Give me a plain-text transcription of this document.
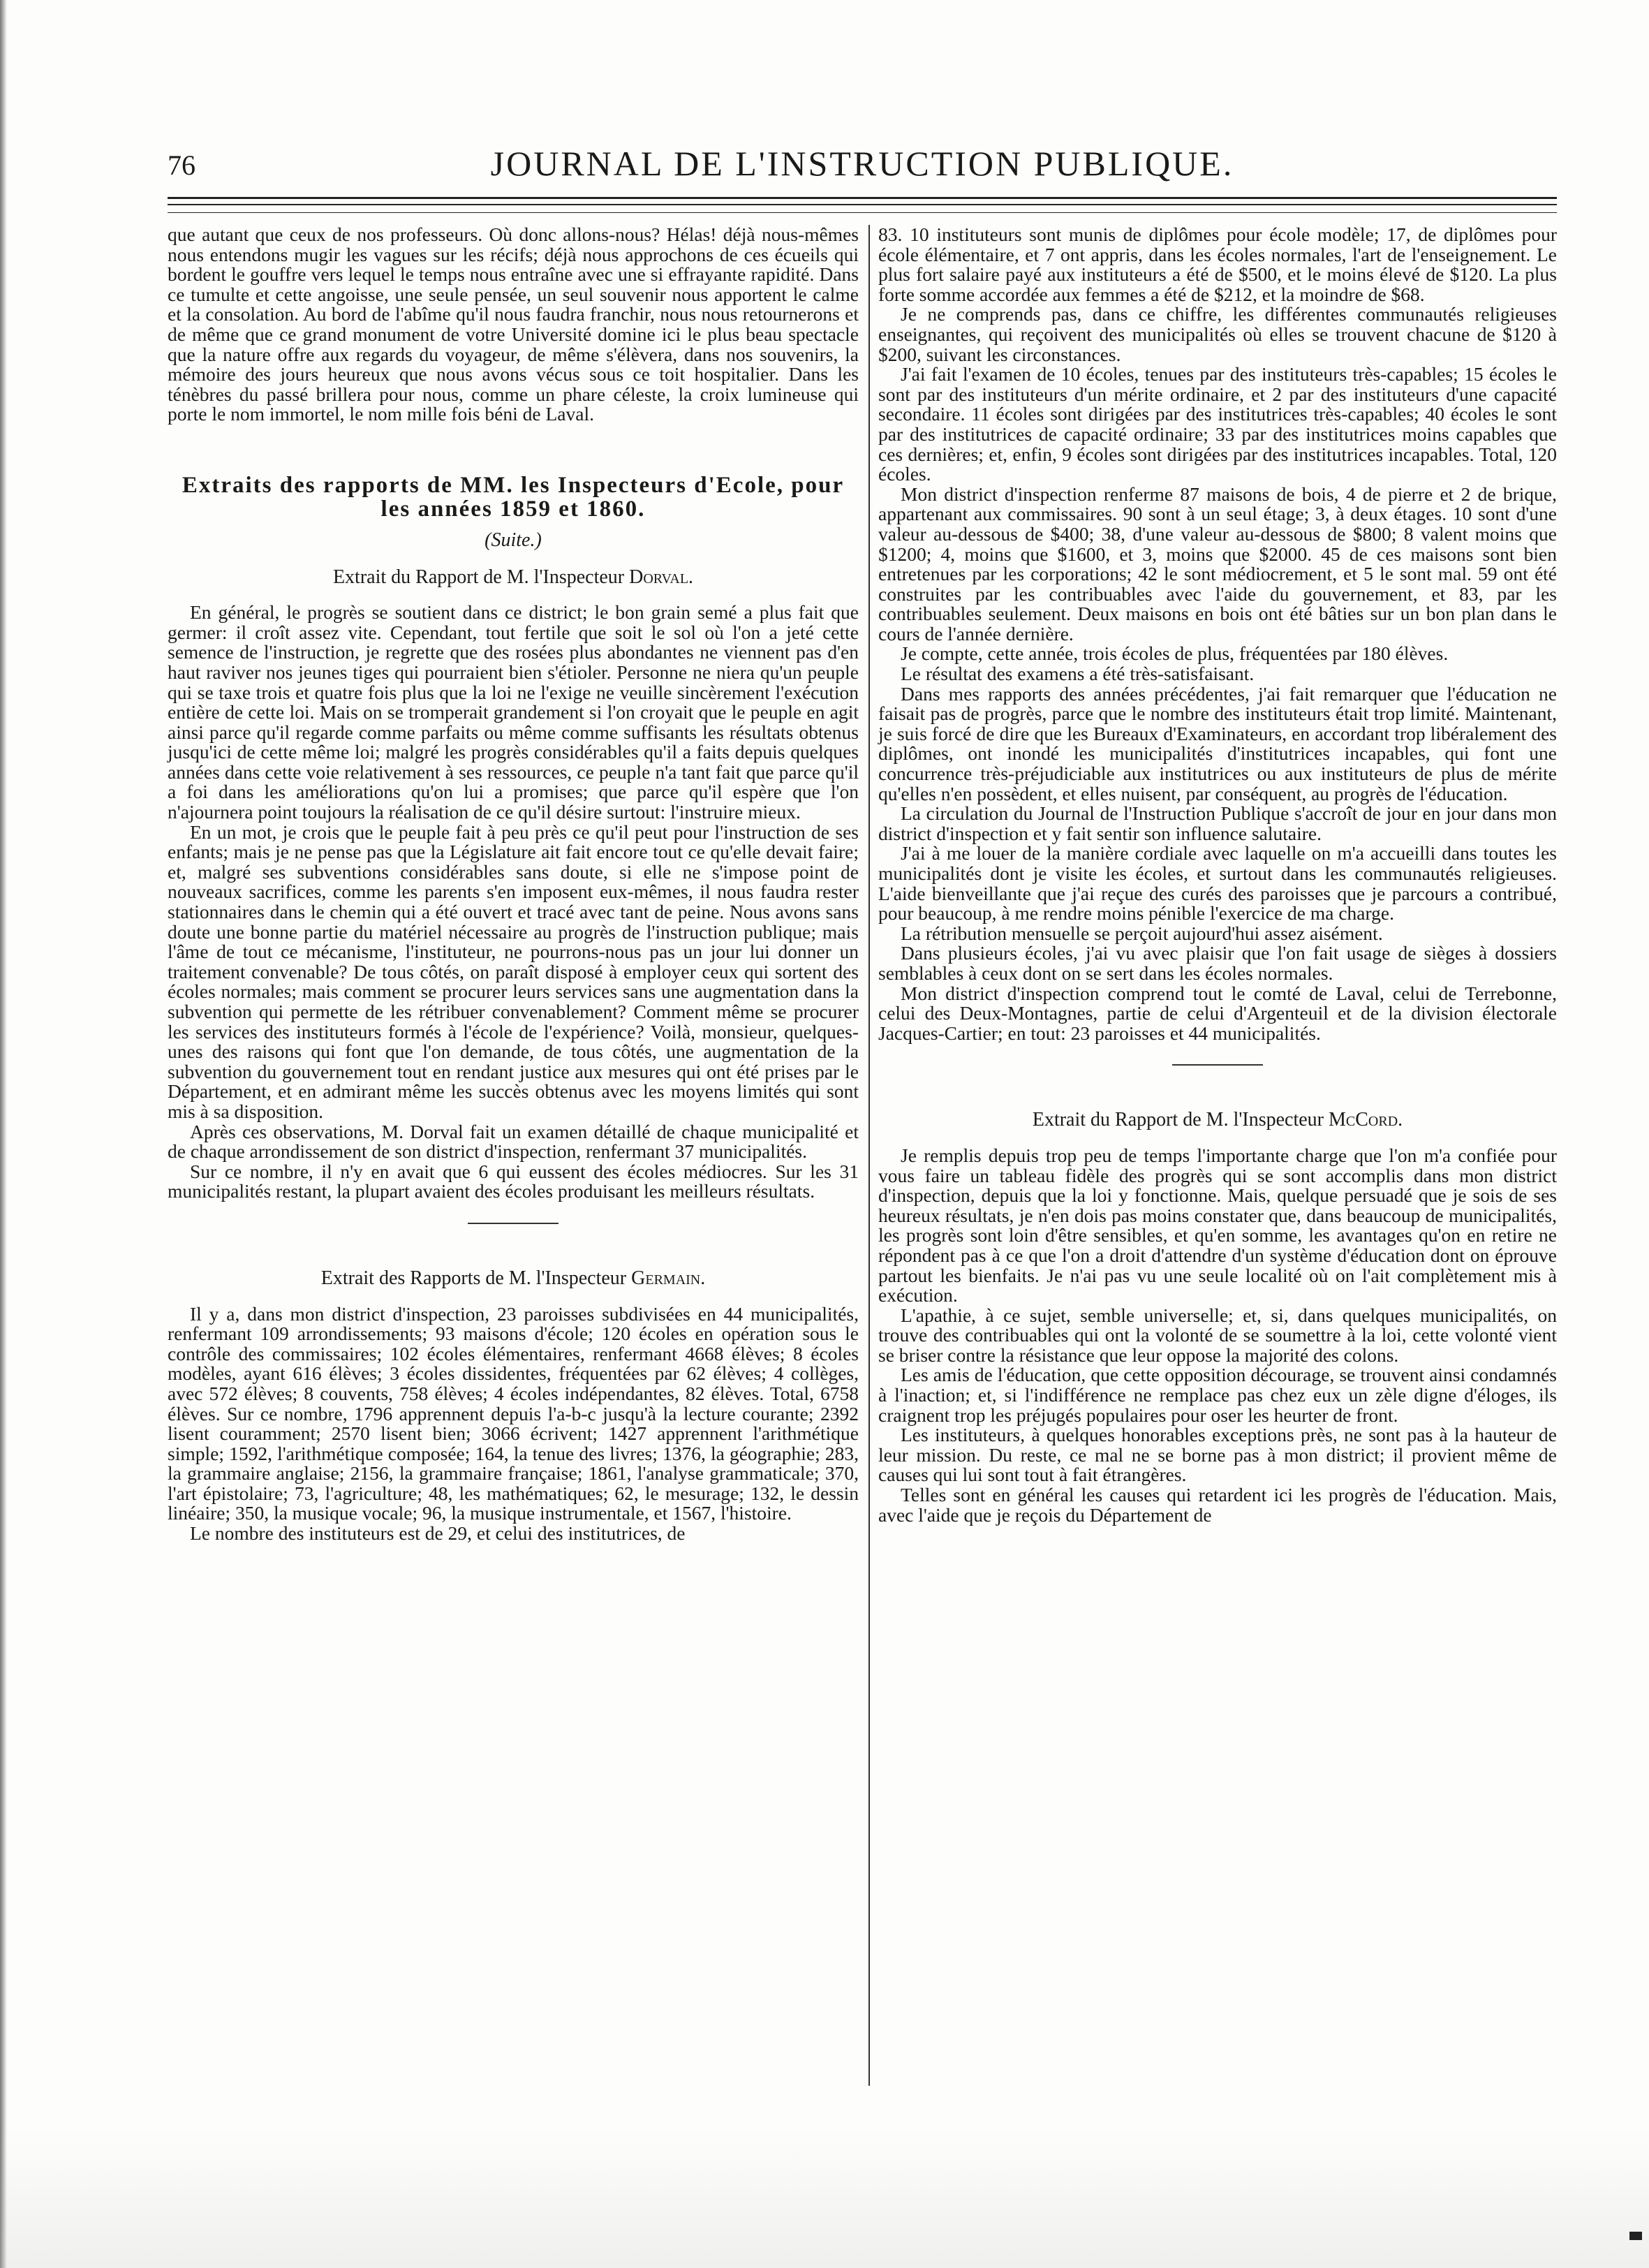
76	JOURNAL DE L'INSTRUCTION PUBLIQUE.

que autant que ceux de nos professeurs. Où donc allons-nous? Hélas! déjà nous-mêmes nous entendons mugir les vagues sur les récifs; déjà nous approchons de ces écueils qui bordent le gouffre vers lequel le temps nous entraîne avec une si effrayante rapidité. Dans ce tumulte et cette angoisse, une seule pensée, un seul souvenir nous apportent le calme et la consolation. Au bord de l'abîme qu'il nous faudra franchir, nous nous retournerons et de même que ce grand monument de votre Université domine ici le plus beau spectacle que la nature offre aux regards du voyageur, de même s'élèvera, dans nos souvenirs, la mémoire des jours heureux que nous avons vécus sous ce toit hospitalier. Dans les ténèbres du passé brillera pour nous, comme un phare céleste, la croix lumineuse qui porte le nom immortel, le nom mille fois béni de Laval.

Extraits des rapports de MM. les Inspecteurs d'Ecole, pour les années 1859 et 1860.
(Suite.)
Extrait du Rapport de M. l'Inspecteur Dorval.

En général, le progrès se soutient dans ce district; le bon grain semé a plus fait que germer: il croît assez vite. Cependant, tout fertile que soit le sol où l'on a jeté cette semence de l'instruction, je regrette que des rosées plus abondantes ne viennent pas d'en haut raviver nos jeunes tiges qui pourraient bien s'étioler. Personne ne niera qu'un peuple qui se taxe trois et quatre fois plus que la loi ne l'exige ne veuille sincèrement l'exécution entière de cette loi. Mais on se tromperait grandement si l'on croyait que le peuple en agit ainsi parce qu'il regarde comme parfaits ou même comme suffisants les résultats obtenus jusqu'ici de cette même loi; malgré les progrès considérables qu'il a faits depuis quelques années dans cette voie relativement à ses ressources, ce peuple n'a tant fait que parce qu'il a foi dans les améliorations qu'on lui a promises; que parce qu'il espère que l'on n'ajournera point toujours la réalisation de ce qu'il désire surtout: l'instruire mieux.

En un mot, je crois que le peuple fait à peu près ce qu'il peut pour l'instruction de ses enfants; mais je ne pense pas que la Législature ait fait encore tout ce qu'elle devait faire; et, malgré ses subventions considérables sans doute, si elle ne s'impose point de nouveaux sacrifices, comme les parents s'en imposent eux-mêmes, il nous faudra rester stationnaires dans le chemin qui a été ouvert et tracé avec tant de peine. Nous avons sans doute une bonne partie du matériel nécessaire au progrès de l'instruction publique; mais l'âme de tout ce mécanisme, l'instituteur, ne pourrons-nous pas un jour lui donner un traitement convenable? De tous côtés, on paraît disposé à employer ceux qui sortent des écoles normales; mais comment se procurer leurs services sans une augmentation dans la subvention qui permette de les rétribuer convenablement? Comment même se procurer les services des instituteurs formés à l'école de l'expérience? Voilà, monsieur, quelques-unes des raisons qui font que l'on demande, de tous côtés, une augmentation de la subvention du gouvernement tout en rendant justice aux mesures qui ont été prises par le Département, et en admirant même les succès obtenus avec les moyens limités qui sont mis à sa disposition.

Après ces observations, M. Dorval fait un examen détaillé de chaque municipalité et de chaque arrondissement de son district d'inspection, renfermant 37 municipalités.

Sur ce nombre, il n'y en avait que 6 qui eussent des écoles médiocres. Sur les 31 municipalités restant, la plupart avaient des écoles produisant les meilleurs résultats.

Extrait des Rapports de M. l'Inspecteur Germain.

Il y a, dans mon district d'inspection, 23 paroisses subdivisées en 44 municipalités, renfermant 109 arrondissements; 93 maisons d'école; 120 écoles en opération sous le contrôle des commissaires; 102 écoles élémentaires, renfermant 4668 élèves; 8 écoles modèles, ayant 616 élèves; 3 écoles dissidentes, fréquentées par 62 élèves; 4 collèges, avec 572 élèves; 8 couvents, 758 élèves; 4 écoles indépendantes, 82 élèves. Total, 6758 élèves. Sur ce nombre, 1796 apprennent depuis l'a-b-c jusqu'à la lecture courante; 2392 lisent couramment; 2570 lisent bien; 3066 écrivent; 1427 apprennent l'arithmétique simple; 1592, l'arithmétique composée; 164, la tenue des livres; 1376, la géographie; 283, la grammaire anglaise; 2156, la grammaire française; 1861, l'analyse grammaticale; 370, l'art épistolaire; 73, l'agriculture; 48, les mathématiques; 62, le mesurage; 132, le dessin linéaire; 350, la musique vocale; 96, la musique instrumentale, et 1567, l'histoire.

Le nombre des instituteurs est de 29, et celui des institutrices, de

83. 10 instituteurs sont munis de diplômes pour école modèle; 17, de diplômes pour école élémentaire, et 7 ont appris, dans les écoles normales, l'art de l'enseignement. Le plus fort salaire payé aux instituteurs a été de $500, et le moins élevé de $120. La plus forte somme accordée aux femmes a été de $212, et la moindre de $68.

Je ne comprends pas, dans ce chiffre, les différentes communautés religieuses enseignantes, qui reçoivent des municipalités où elles se trouvent chacune de $120 à $200, suivant les circonstances.

J'ai fait l'examen de 10 écoles, tenues par des instituteurs très-capables; 15 écoles le sont par des instituteurs d'un mérite ordinaire, et 2 par des instituteurs d'une capacité secondaire. 11 écoles sont dirigées par des institutrices très-capables; 40 écoles le sont par des institutrices de capacité ordinaire; 33 par des institutrices moins capables que ces dernières; et, enfin, 9 écoles sont dirigées par des institutrices incapables. Total, 120 écoles.

Mon district d'inspection renferme 87 maisons de bois, 4 de pierre et 2 de brique, appartenant aux commissaires. 90 sont à un seul étage; 3, à deux étages. 10 sont d'une valeur au-dessous de $400; 38, d'une valeur au-dessous de $800; 8 valent moins que $1200; 4, moins que $1600, et 3, moins que $2000. 45 de ces maisons sont bien entretenues par les corporations; 42 le sont médiocrement, et 5 le sont mal. 59 ont été construites par les contribuables avec l'aide du gouvernement, et 83, par les contribuables seulement. Deux maisons en bois ont été bâties sur un bon plan dans le cours de l'année dernière.

Je compte, cette année, trois écoles de plus, fréquentées par 180 élèves.

Le résultat des examens a été très-satisfaisant.

Dans mes rapports des années précédentes, j'ai fait remarquer que l'éducation ne faisait pas de progrès, parce que le nombre des instituteurs était trop limité. Maintenant, je suis forcé de dire que les Bureaux d'Examinateurs, en accordant trop libéralement des diplômes, ont inondé les municipalités d'institutrices incapables, qui font une concurrence très-préjudiciable aux institutrices ou aux instituteurs de plus de mérite qu'elles n'en possèdent, et elles nuisent, par conséquent, au progrès de l'éducation.

La circulation du Journal de l'Instruction Publique s'accroît de jour en jour dans mon district d'inspection et y fait sentir son influence salutaire.

J'ai à me louer de la manière cordiale avec laquelle on m'a accueilli dans toutes les municipalités dont je visite les écoles, et surtout dans les communautés religieuses. L'aide bienveillante que j'ai reçue des curés des paroisses que je parcours a contribué, pour beaucoup, à me rendre moins pénible l'exercice de ma charge.

La rétribution mensuelle se perçoit aujourd'hui assez aisément.

Dans plusieurs écoles, j'ai vu avec plaisir que l'on fait usage de sièges à dossiers semblables à ceux dont on se sert dans les écoles normales.

Mon district d'inspection comprend tout le comté de Laval, celui de Terrebonne, celui des Deux-Montagnes, partie de celui d'Argenteuil et de la division électorale Jacques-Cartier; en tout: 23 paroisses et 44 municipalités.

Extrait du Rapport de M. l'Inspecteur McCord.

Je remplis depuis trop peu de temps l'importante charge que l'on m'a confiée pour vous faire un tableau fidèle des progrès qui se sont accomplis dans mon district d'inspection, depuis que la loi y fonctionne. Mais, quelque persuadé que je sois de ses heureux résultats, je n'en dois pas moins constater que, dans beaucoup de municipalités, les progrès sont loin d'être sensibles, et qu'en somme, les avantages qu'on en retire ne répondent pas à ce que l'on a droit d'attendre d'un système d'éducation dont on éprouve partout les bienfaits. Je n'ai pas vu une seule localité où on l'ait complètement mis à exécution.

L'apathie, à ce sujet, semble universelle; et, si, dans quelques municipalités, on trouve des contribuables qui ont la volonté de se soumettre à la loi, cette volonté vient se briser contre la résistance que leur oppose la majorité des colons.

Les amis de l'éducation, que cette opposition décourage, se trouvent ainsi condamnés à l'inaction; et, si l'indifférence ne remplace pas chez eux un zèle digne d'éloges, ils craignent trop les préjugés populaires pour oser les heurter de front.

Les instituteurs, à quelques honorables exceptions près, ne sont pas à la hauteur de leur mission. Du reste, ce mal ne se borne pas à mon district; il provient même de causes qui lui sont tout à fait étrangères.

Telles sont en général les causes qui retardent ici les progrès de l'éducation. Mais, avec l'aide que je reçois du Département de
